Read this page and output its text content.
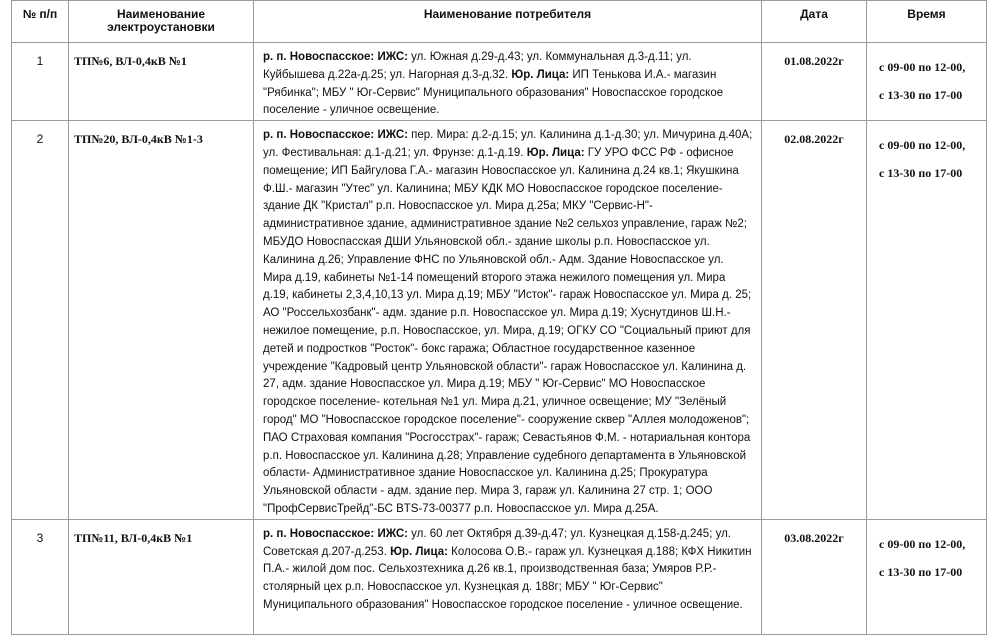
№ п/п	Наименование электроустановки	Наименование потребителя	Дата	Время
1	ТП№6, ВЛ-0,4кВ №1	р. п. Новоспасское: ИЖС: ул. Южная д.29-д.43; ул. Коммунальная д.3-д.11; ул. Куйбышева д.22а-д.25; ул. Нагорная д.3-д.32. Юр. Лица: ИП Тенькова И.А.- магазин "Рябинка"; МБУ " Юг-Сервис" Муниципального образования" Новоспасское городское поселение - уличное освещение.	01.08.2022г	с 09-00 по 12-00,
с 13-30 по 17-00

2	ТП№20, ВЛ-0,4кВ №1-3	р. п. Новоспасское: ИЖС: пер. Мира: д.2-д.15; ул. Калинина д.1-д.30; ул. Мичурина д.40А; ул. Фестивальная: д.1-д.21; ул. Фрунзе: д.1-д.19. Юр. Лица: ГУ УРО ФСС РФ - офисное помещение; ИП Байгулова Г.А.- магазин Новоспасское ул. Калинина д.24 кв.1; Якушкина Ф.Ш.- магазин "Утес" ул. Калинина; МБУ КДК МО Новоспасское городское поселение- здание ДК "Кристал" р.п. Новоспасское ул. Мира д.25а; МКУ "Сервис-Н"- административное здание, административное здание №2 сельхоз управление, гараж №2; МБУДО Новоспасская ДШИ Ульяновской обл.- здание школы р.п. Новоспасское ул. Калинина д.26; Управление ФНС по Ульяновской обл.- Адм. Здание Новоспасское ул. Мира д.19, кабинеты №1-14 помещений второго этажа нежилого помещения ул. Мира д.19, кабинеты 2,3,4,10,13 ул. Мира д.19; МБУ "Исток"- гараж Новоспасское ул. Мира д. 25; АО "Россельхозбанк"- адм. здание р.п. Новоспасское ул. Мира д.19; Хуснутдинов Ш.Н.- нежилое помещение, р.п. Новоспасское, ул. Мира, д.19; ОГКУ СО "Социальный приют для детей и подростков "Росток"- бокс гаража; Областное государственное казенное учреждение "Кадровый центр Ульяновской области"- гараж Новоспасское ул. Калинина д. 27, адм. здание Новоспасское ул. Мира д.19; МБУ " Юг-Сервис" МО Новоспасское городское поселение- котельная №1 ул. Мира д.21, уличное освещение; МУ "Зелёный город" МО "Новоспасское городское поселение"- сооружение сквер "Аллея молодоженов"; ПАО Страховая компания "Росгосстрах"- гараж; Севастьянов Ф.М. - нотариальная контора р.п. Новоспасское ул. Калинина д.28; Управление судебного департамента в Ульяновской области- Административное здание Новоспасское ул. Калинина д.25; Прокуратура Ульяновской области - адм. здание пер. Мира 3, гараж ул. Калинина 27 стр. 1; ООО "ПрофСервисТрейд"-БС BTS-73-00377 р.п. Новоспасское ул. Мира д.25А.	02.08.2022г	с 09-00 по 12-00,
с 13-30 по 17-00

3	ТП№11, ВЛ-0,4кВ №1	р. п. Новоспасское: ИЖС: ул. 60 лет Октября д.39-д.47; ул. Кузнецкая д.158-д.245; ул. Советская д.207-д.253. Юр. Лица: Колосова О.В.- гараж ул. Кузнецкая д.188; КФХ Никитин П.А.- жилой дом пос. Сельхозтехника д.26 кв.1, производственная база; Умяров Р.Р.- столярный цех р.п. Новоспасское ул. Кузнецкая д. 188г; МБУ " Юг-Сервис" Муниципального образования" Новоспасское городское поселение - уличное освещение.	03.08.2022г	с 09-00 по 12-00,
с 13-30 по 17-00
